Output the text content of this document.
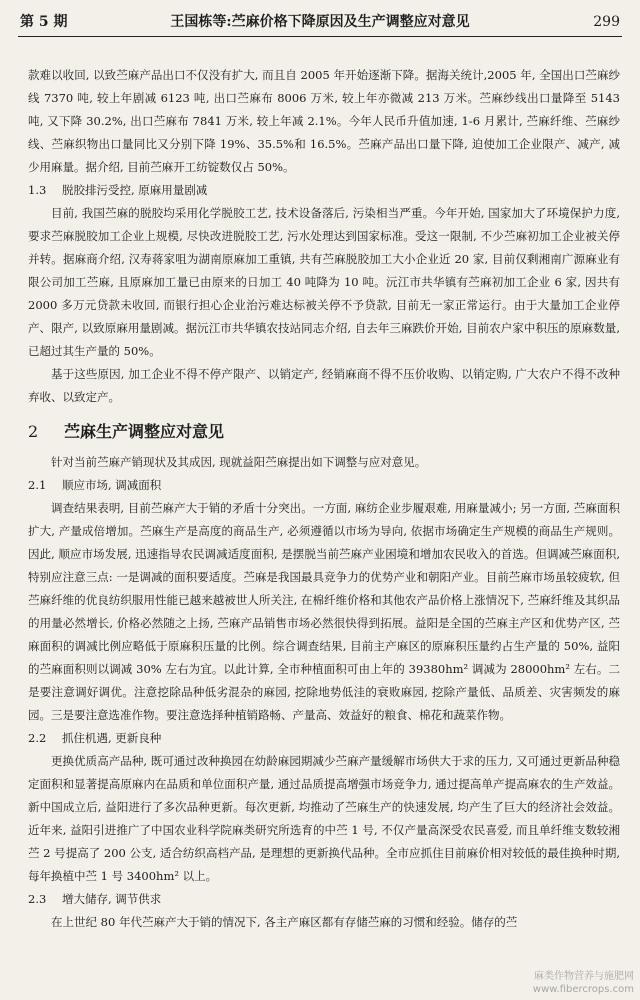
第 5 期	王国栋等:苎麻价格下降原因及生产调整应对意见	299

款难以收回, 以致苎麻产品出口不仅没有扩大, 而且自 2005 年开始逐渐下降。据海关统计,2005 年, 全国出口苎麻纱线 7370 吨, 较上年剧减 6123 吨, 出口苎麻布 8006 万米, 较上年亦微减 213 万米。苎麻纱线出口量降至 5143 吨, 又下降 30.2%, 出口苎麻布 7841 万米, 较上年减 2.1%。今年人民币升值加速, 1-6 月累计, 苎麻纤维、苎麻纱线、苎麻织物出口量同比又分别下降 19%、35.5%和 16.5%。苎麻产品出口量下降, 迫使加工企业限产、减产, 减少用麻量。据介绍, 目前苎麻开工纺锭数仅占 50%。

1.3 脱胶排污受控, 原麻用量剧减

目前, 我国苎麻的脱胶均采用化学脱胶工艺, 技术设备落后, 污染相当严重。今年开始, 国家加大了环境保护力度, 要求苎麻脱胶加工企业上规模, 尽快改进脱胶工艺, 污水处理达到国家标准。受这一限制, 不少苎麻初加工企业被关停并转。据麻商介绍, 汉寿蒋家咀为湖南原麻加工重镇, 共有苎麻脱胶加工大小企业近 20 家, 目前仅剩湘南广源麻业有限公司加工苎麻, 且原麻加工量已由原来的日加工 40 吨降为 10 吨。沅江市共华镇有苎麻初加工企业 6 家, 因共有 2000 多万元贷款未收回, 而银行担心企业治污难达标被关停不予贷款, 目前无一家正常运行。由于大量加工企业停产、限产, 以致原麻用量剧减。据沅江市共华镇农技站同志介绍, 自去年三麻跌价开始, 目前农户家中积压的原麻数量, 已超过其生产量的 50%。

基于这些原因, 加工企业不得不停产限产、以销定产, 经销麻商不得不压价收购、以销定购, 广大农户不得不改种弃收、以致定产。

2 苎麻生产调整应对意见

针对当前苎麻产销现状及其成因, 现就益阳苎麻提出如下调整与应对意见。

2.1 顺应市场, 调减面积

调查结果表明, 目前苎麻产大于销的矛盾十分突出。一方面, 麻纺企业步履艰难, 用麻量减小; 另一方面, 苎麻面积扩大, 产量成倍增加。苎麻生产是高度的商品生产, 必须遵循以市场为导向, 依据市场确定生产规模的商品生产规则。因此, 顺应市场发展, 迅速指导农民调减适度面积, 是摆脱当前苎麻产业困境和增加农民收入的首选。但调减苎麻面积, 特别应注意三点: 一是调减的面积要适度。苎麻是我国最具竞争力的优势产业和朝阳产业。目前苎麻市场虽较疲软, 但苎麻纤维的优良纺织服用性能已越来越被世人所关注, 在棉纤维价格和其他农产品价格上涨情况下, 苎麻纤维及其织品的用量必然增长, 价格必然随之上扬, 苎麻产品销售市场必然很快得到拓展。益阳是全国的苎麻主产区和优势产区, 苎麻面积的调减比例应略低于原麻积压量的比例。综合调查结果, 目前主产麻区的原麻积压量约占生产量的 50%, 益阳的苎麻面积则以调减 30% 左右为宜。以此计算, 全市种植面积可由上年的 39380hm² 调减为 28000hm² 左右。二是要注意调好调优。注意挖除品种低劣混杂的麻园, 挖除地势低洼的衰败麻园, 挖除产量低、品质差、灾害频发的麻园。三是要注意选准作物。要注意选择种植销路畅、产量高、效益好的粮食、棉花和蔬菜作物。

2.2 抓住机遇, 更新良种

更换优质高产品种, 既可通过改种换园在幼龄麻园期减少苎麻产量缓解市场供大于求的压力, 又可通过更新品种稳定面积和显著提高原麻内在品质和单位面积产量, 通过品质提高增强市场竞争力, 通过提高单产提高麻农的生产效益。新中国成立后, 益阳进行了多次品种更新。每次更新, 均推动了苎麻生产的快速发展, 均产生了巨大的经济社会效益。近年来, 益阳引进推广了中国农业科学院麻类研究所选育的中苎 1 号, 不仅产量高深受农民喜爱, 而且单纤维支数较湘苎 2 号提高了 200 公支, 适合纺织高档产品, 是理想的更新换代品种。全市应抓住目前麻价相对较低的最佳换种时期, 每年换植中苎 1 号 3400hm² 以上。

2.3 增大储存, 调节供求

在上世纪 80 年代苎麻产大于销的情况下, 各主产麻区都有存储苎麻的习惯和经验。储存的苎

麻类作物营养与施肥网
www.fibercrops.com
